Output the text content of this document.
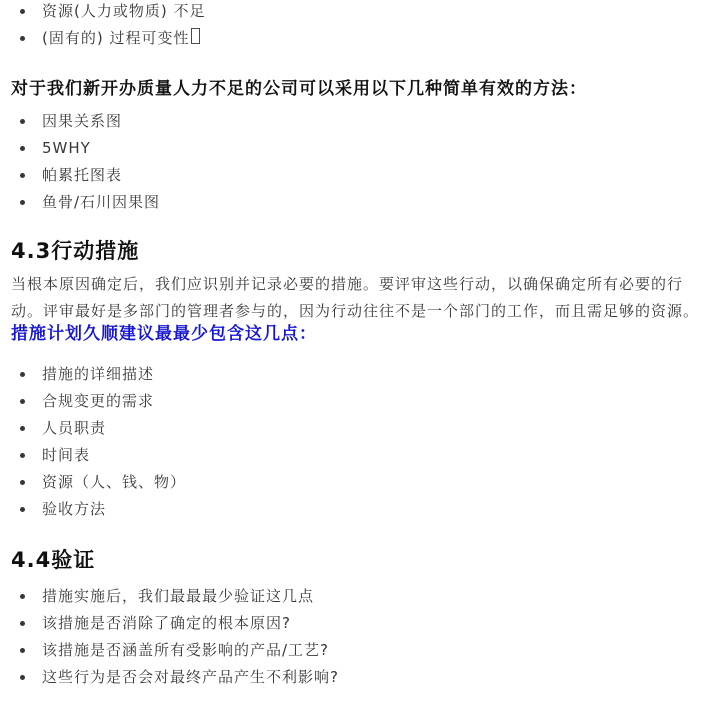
• 资源(人力或物质) 不足
• (固有的) 过程可变性

对于我们新开办质量人力不足的公司可以采用以下几种简单有效的方法：

• 因果关系图
• 5WHY
• 帕累托图表
• 鱼骨/石川因果图
4.3行动措施

当根本原因确定后，我们应识别并记录必要的措施。要评审这些行动，以确保确定所有必要的行动。评审最好是多部门的管理者参与的，因为行动往往不是一个部门的工作，而且需足够的资源。

措施计划久顺建议最最少包含这几点：

• 措施的详细描述
• 合规变更的需求
• 人员职责
• 时间表
• 资源（人、钱、物）
• 验收方法
4.4验证
• 措施实施后，我们最最最少验证这几点
• 该措施是否消除了确定的根本原因?
• 该措施是否涵盖所有受影响的产品/工艺?
• 这些行为是否会对最终产品产生不利影响?
